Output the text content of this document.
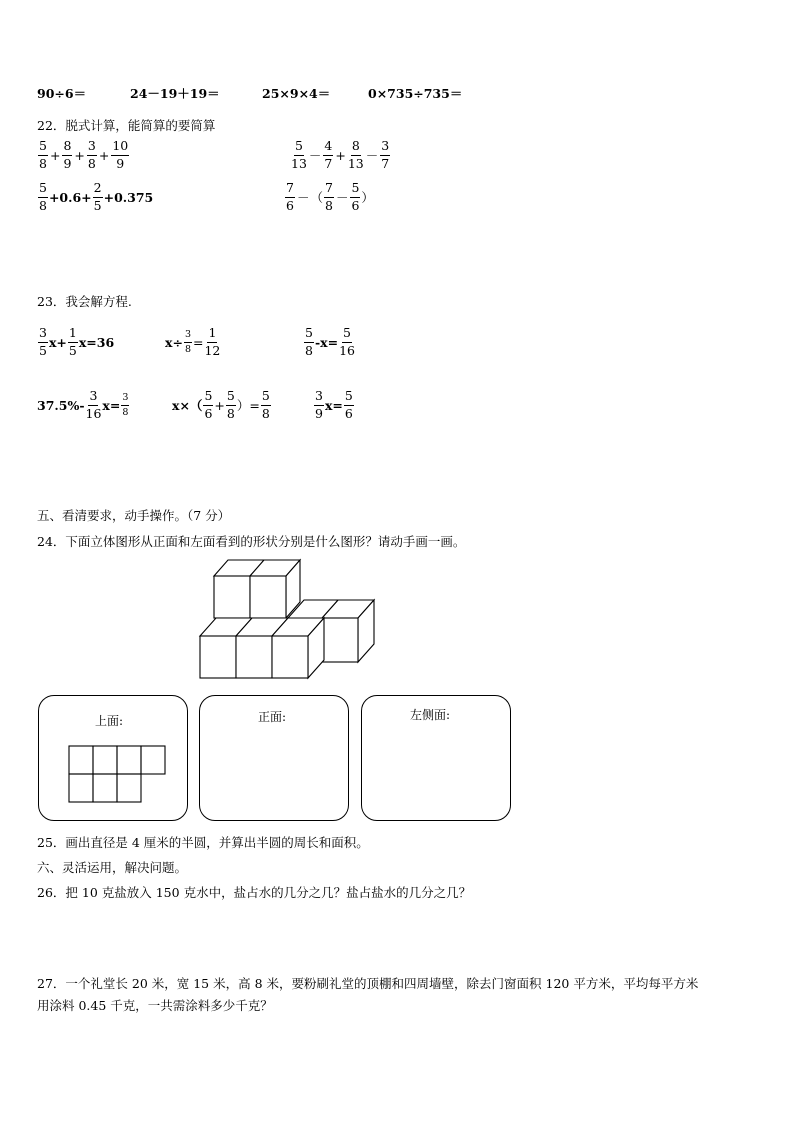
90÷6＝	24－19＋19＝	25×9×4＝	0×735÷735＝
22．脱式计算，能简算的要简算
$\frac{5}{8} + \frac{8}{9} + \frac{3}{8} + \frac{10}{9}$	$\frac{5}{13} - \frac{4}{7} + \frac{8}{13} - \frac{3}{7}$
$\frac{5}{8} +0.6+ \frac{2}{5} +0.375$	$\frac{7}{6}$ － （ $\frac{7}{8} - \frac{5}{6}$ ）
23．我会解方程.
$\frac{3}{5} x+ \frac{1}{5} x=36$	$x\div \frac{3}{8} = \frac{1}{12}$	$\frac{5}{8} -x= \frac{5}{16}$
$37.5\%- \frac{3}{16} x= \frac{3}{8}$	$x\times( \frac{5}{6} + \frac{5}{8}$ ）= $\frac{5}{8}$	$\frac{3}{9} x= \frac{5}{6}$
五、看清要求，动手操作。（7 分）
24．下面立体图形从正面和左面看到的形状分别是什么图形？请动手画一画。
上面:	正面:	左侧面:
25．画出直径是 4 厘米的半圆，并算出半圆的周长和面积。
六、灵活运用，解决问题。
26．把 10 克盐放入 150 克水中，盐占水的几分之几？盐占盐水的几分之几？
27．一个礼堂长 20 米，宽 15 米，高 8 米，要粉刷礼堂的顶棚和四周墙壁，除去门窗面积 120 平方米，平均每平方米
用涂料 0.45 千克，一共需涂料多少千克？
